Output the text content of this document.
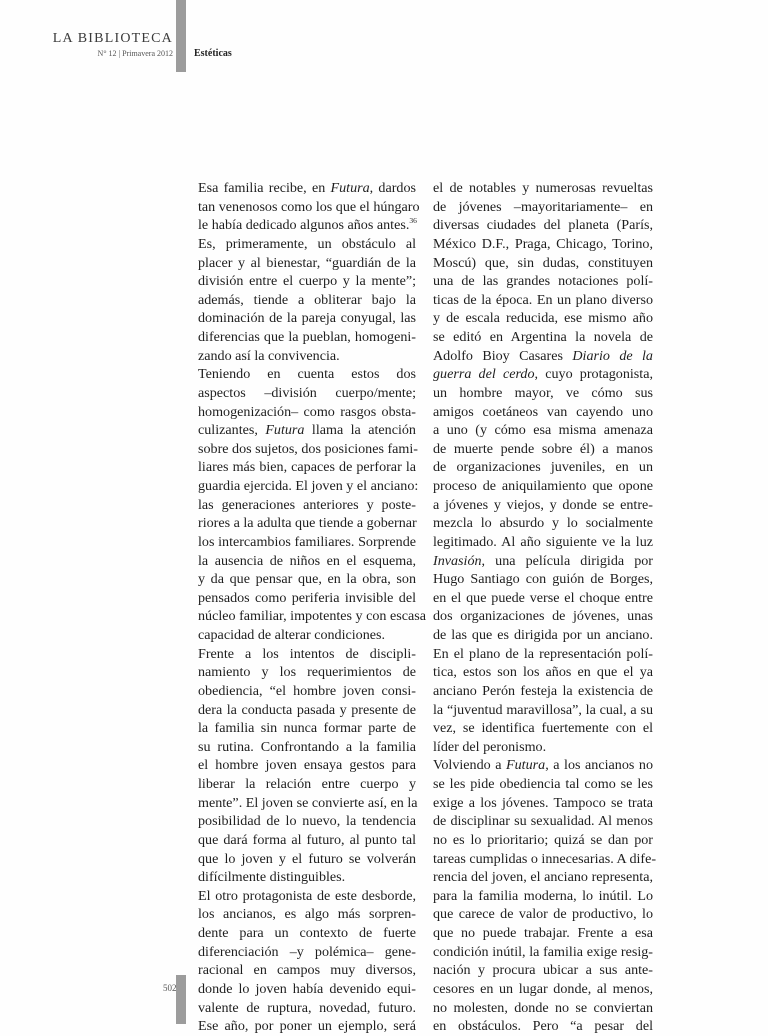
LA BIBLIOTECA
N° 12 | Primavera 2012 Estéticas
Esa familia recibe, en Futura, dardos
tan venenosos como los que el húngaro
le había dedicado algunos años antes.$^{36}$
Es, primeramente, un obstáculo al
placer y al bienestar, “guardián de la
división entre el cuerpo y la mente”;
además, tiende a obliterar bajo la
dominación de la pareja conyugal, las
diferencias que la pueblan, homogeni-
zando así la convivencia.
Teniendo en cuenta estos dos
aspectos –división cuerpo/mente;
homogenización– como rasgos obsta-
culizantes, Futura llama la atención
sobre dos sujetos, dos posiciones fami-
liares más bien, capaces de perforar la
guardia ejercida. El joven y el anciano:
las generaciones anteriores y poste-
riores a la adulta que tiende a gobernar
los intercambios familiares. Sorprende
la ausencia de niños en el esquema,
y da que pensar que, en la obra, son
pensados como periferia invisible del
núcleo familiar, impotentes y con escasa
capacidad de alterar condiciones.
Frente a los intentos de discipli-
namiento y los requerimientos de
obediencia, “el hombre joven consi-
dera la conducta pasada y presente de
la familia sin nunca formar parte de
su rutina. Confrontando a la familia
el hombre joven ensaya gestos para
liberar la relación entre cuerpo y
mente”. El joven se convierte así, en la
posibilidad de lo nuevo, la tendencia
que dará forma al futuro, al punto tal
que lo joven y el futuro se volverán
difícilmente distinguibles.
El otro protagonista de este desborde,
los ancianos, es algo más sorpren-
dente para un contexto de fuerte
diferenciación –y polémica– gene-
racional en campos muy diversos,
donde lo joven había devenido equi-
valente de ruptura, novedad, futuro.
Ese año, por poner un ejemplo, será
el de notables y numerosas revueltas
de jóvenes –mayoritariamente– en
diversas ciudades del planeta (París,
México D.F., Praga, Chicago, Torino,
Moscú) que, sin dudas, constituyen
una de las grandes notaciones polí-
ticas de la época. En un plano diverso
y de escala reducida, ese mismo año
se editó en Argentina la novela de
Adolfo Bioy Casares Diario de la
guerra del cerdo, cuyo protagonista,
un hombre mayor, ve cómo sus
amigos coetáneos van cayendo uno
a uno (y cómo esa misma amenaza
de muerte pende sobre él) a manos
de organizaciones juveniles, en un
proceso de aniquilamiento que opone
a jóvenes y viejos, y donde se entre-
mezcla lo absurdo y lo socialmente
legitimado. Al año siguiente ve la luz
Invasión, una película dirigida por
Hugo Santiago con guión de Borges,
en el que puede verse el choque entre
dos organizaciones de jóvenes, unas
de las que es dirigida por un anciano.
En el plano de la representación polí-
tica, estos son los años en que el ya
anciano Perón festeja la existencia de
la “juventud maravillosa”, la cual, a su
vez, se identifica fuertemente con el
líder del peronismo.
Volviendo a Futura, a los ancianos no
se les pide obediencia tal como se les
exige a los jóvenes. Tampoco se trata
de disciplinar su sexualidad. Al menos
no es lo prioritario; quizá se dan por
tareas cumplidas o innecesarias. A dife-
rencia del joven, el anciano representa,
para la familia moderna, lo inútil. Lo
que carece de valor de productivo, lo
que no puede trabajar. Frente a esa
condición inútil, la familia exige resig-
nación y procura ubicar a sus ante-
cesores en un lugar donde, al menos,
no molesten, donde no se conviertan
en obstáculos. Pero “a pesar del
502
